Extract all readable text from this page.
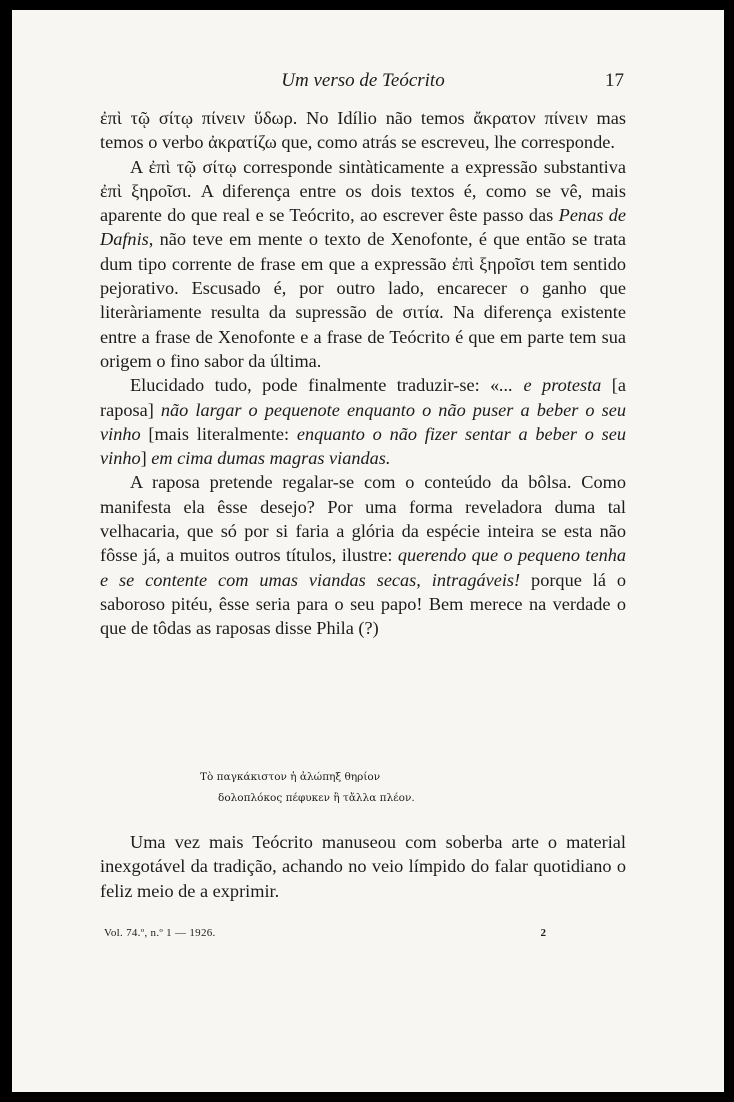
Um verso de Teócrito	17

ἐπὶ τῷ σίτῳ πίνειν ὕδωρ. No Idílio não temos ἄκρατον πίνειν mas temos o verbo ἀκρατίζω que, como atrás se escreveu, lhe corresponde.

A ἐπὶ τῷ σίτῳ corresponde sintàticamente a expressão substantiva ἐπὶ ξηροῖσι. A diferença entre os dois textos é, como se vê, mais aparente do que real e se Teócrito, ao escrever êste passo das Penas de Dafnis, não teve em mente o texto de Xenofonte, é que então se trata dum tipo corrente de frase em que a expressão ἐπὶ ξηροῖσι tem sentido pejorativo. Escusado é, por outro lado, encarecer o ganho que literàriamente resulta da supressão de σιτία. Na diferença existente entre a frase de Xenofonte e a frase de Teócrito é que em parte tem sua origem o fino sabor da última.

Elucidado tudo, pode finalmente traduzir-se: «... e protesta [a raposa] não largar o pequenote enquanto o não puser a beber o seu vinho [mais literalmente: enquanto o não fizer sentar a beber o seu vinho] em cima dumas magras viandas.

A raposa pretende regalar-se com o conteúdo da bôlsa. Como manifesta ela êsse desejo? Por uma forma reveladora duma tal velhacaria, que só por si faria a glória da espécie inteira se esta não fôsse já, a muitos outros títulos, ilustre: querendo que o pequeno tenha e se contente com umas viandas secas, intragáveis! porque lá o saboroso pitéu, êsse seria para o seu papo! Bem merece na verdade o que de tôdas as raposas disse Phila (?)

Τὸ παγκάκιστον ἡ ἀλώπηξ θηρίον
δολοπλόκος πέφυκεν ἢ τἄλλα πλέον.

Uma vez mais Teócrito manuseou com soberba arte o material inexgotável da tradição, achando no veio límpido do falar quotidiano o feliz meio de a exprimir.

Vol. 74.º, n.º 1 — 1926.	2
